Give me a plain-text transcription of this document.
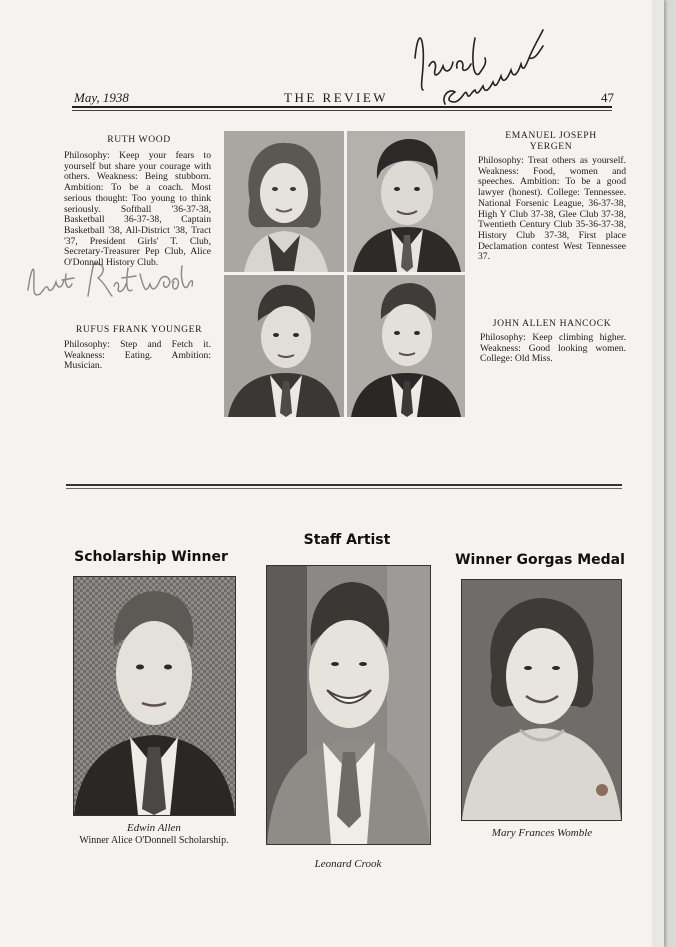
May, 1938	THE REVIEW	47
RUTH WOOD
Philosophy: Keep your fears to yourself but share your courage with others. Weakness: Being stubborn. Ambition: To be a coach. Most serious thought: Too young to think seriously. Softball '36-37-38, Basketball 36-37-38, Captain Basketball '38, All-District '38, Tract '37, President Girls' T. Club, Secretary-Treasurer Pep Club, Alice O'Donnell History Club.
EMANUEL JOSEPH
YERGEN
Philosophy: Treat others as yourself. Weakness: Food, women and speeches. Ambition: To be a good lawyer (honest). College: Tennessee. National Forsenic League, 36-37-38, High Y Club 37-38, Glee Club 37-38, Twentieth Century Club 35-36-37-38, History Club 37-38, First place Declamation contest West Tennessee 37.
RUFUS FRANK YOUNGER
Philosophy: Step and Fetch it. Weakness: Eating. Ambition: Musician.
JOHN ALLEN HANCOCK
Philosophy: Keep climbing higher. Weakness: Good looking women. College: Old Miss.
Scholarship Winner
Staff Artist
Winner Gorgas Medal
Edwin Allen
Winner Alice O'Donnell Scholarship.
Leonard Crook
Mary Frances Womble
